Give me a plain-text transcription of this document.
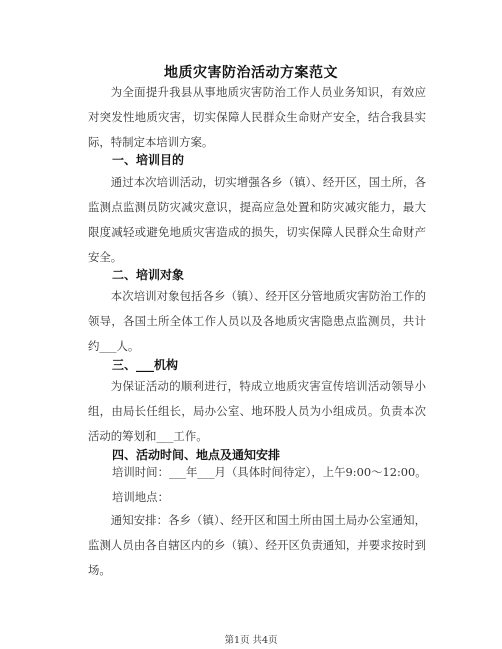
地质灾害防治活动方案范文
为全面提升我县从事地质灾害防治工作人员业务知识，有效应对突发性地质灾害，切实保障人民群众生命财产安全，结合我县实际，特制定本培训方案。
一、培训目的
通过本次培训活动，切实增强各乡（镇）、经开区，国土所，各监测点监测员防灾减灾意识，提高应急处置和防灾减灾能力，最大限度减轻或避免地质灾害造成的损失，切实保障人民群众生命财产安全。
二、培训对象
本次培训对象包括各乡（镇）、经开区分管地质灾害防治工作的领导，各国土所全体工作人员以及各地质灾害隐患点监测员，共计约___人。
三、___机构
为保证活动的顺利进行，特成立地质灾害宣传培训活动领导小组，由局长任组长，局办公室、地环股人员为小组成员。负责本次活动的筹划和___工作。
四、活动时间、地点及通知安排
培训时间：___年___月（具体时间待定），上午9:00～12:00。
培训地点：
通知安排：各乡（镇）、经开区和国土所由国土局办公室通知，监测人员由各自辖区内的乡（镇）、经开区负责通知，并要求按时到场。
第1页 共4页
